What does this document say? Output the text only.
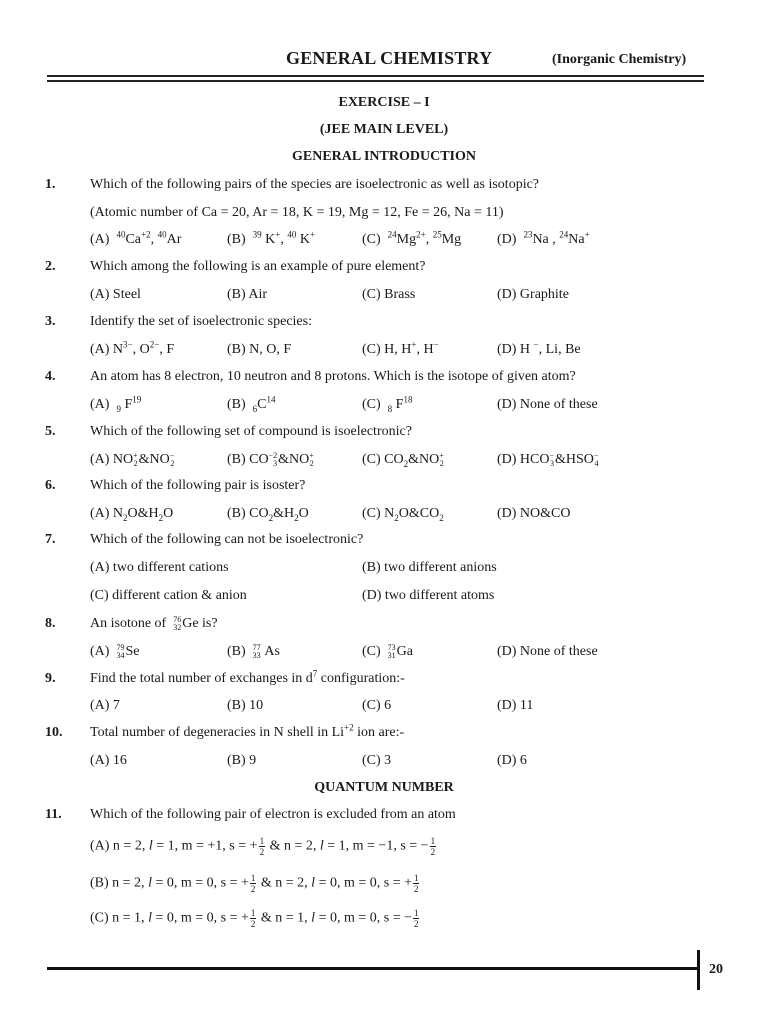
GENERAL CHEMISTRY	(Inorganic Chemistry)
EXERCISE – I
(JEE MAIN LEVEL)
GENERAL INTRODUCTION
1. Which of the following pairs of the species are isoelectronic as well as isotopic?
(Atomic number of Ca = 20, Ar = 18, K = 19, Mg = 12, Fe = 26, Na = 11)
(A)  $^{40}Ca^{+2}$, $^{40}$Ar	(B)  $^{39}$ K+, $^{40}$ K+	(C)  $^{24}Mg^{2+}$, $^{25}$Mg	(D)  $^{23}$Na , $^{24}$Na+
2. Which among the following is an example of pure element?
(A) Steel	(B) Air	(C) Brass	(D) Graphite
3. Identify the set of isoelectronic species:
(A) $N^{3-}$, $O^{2-}$, F	(B) N, O, F	(C) H, H+, H−	(D) H −, Li, Be
4. An atom has 8 electron, 10 neutron and 8 protons. Which is the isotope of given atom?
(A)  $_9$ $F^{19}$	(B)  $_6C^{14}$	(C)  $_8$ $F^{18}$	(D) None of these
5. Which of the following set of compound is isoelectronic?
(A) NO +
2 &NO −
2	(B) CO −2
3 &NO +
2	(C) $CO_2\&NO$ +
2	(D) HCO −
3 &HSO −
4
6. Which of the following pair is isoster?
(A) $N_2O\&H_2O$	(B) $CO_2\&H_2O$	(C) $N_2O\&CO_2$	(D) NO&CO
7. Which of the following can not be isoelectronic?
(A) two different cations	(B) two different anions
(C) different cation & anion	(D) two different atoms
8. An isotone of 76
32 Ge is?
(A) 79
34 Se	(B) 77
33 As	(C) 73
31 Ga	(D) None of these
9. Find the total number of exchanges in $d^7$ configuration:-
(A) 7	(B) 10	(C) 6	(D) 11
10. Total number of degeneracies in N shell in $Li^{+2}$ ion are:-
(A) 16	(B) 9	(C) 3	(D) 6
QUANTUM NUMBER
11. Which of the following pair of electron is excluded from an atom
(A) n = 2, l = 1, m = +1, s = + $\frac{1}{2}$ & n = 2, l = 1, m = −1, s = − $\frac{1}{2}$
(B) n = 2, l = 0, m = 0, s = + $\frac{1}{2}$ & n = 2, l = 0, m = 0, s = + $\frac{1}{2}$
(C) n = 1, l = 0, m = 0, s = + $\frac{1}{2}$ & n = 1, l = 0, m = 0, s = − $\frac{1}{2}$
20
